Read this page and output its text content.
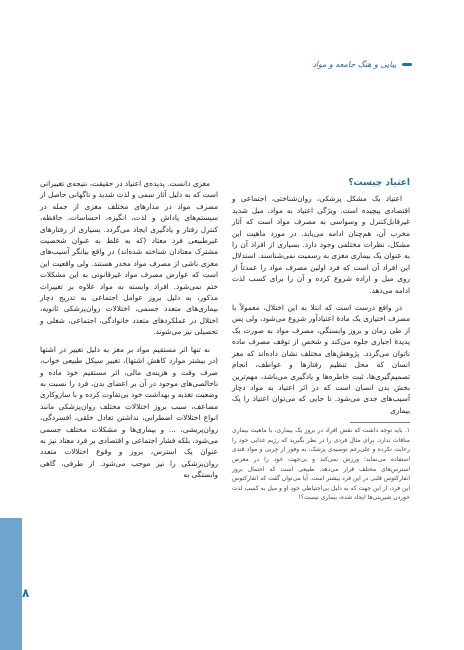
پیاپی و هنگ جامعه و مواد
اعتیاد چیست؟

اعتیاد یک مشکل پزشکی، روان‌شناختی، اجتماعی و اقتصادی پیچیده است. ویژگی اعتیاد به مواد، میل شدید غیرقابل‌کنترل و وسواسی به مصرف مواد است که آثار مخرب آن، هم‌چنان ادامه می‌یابد. در مورد ماهیت این مشکل، نظرات مختلفی وجود دارد. بسیاری از افراد آن را به عنوان یک بیماری مغزی به رسمیت نمی‌شناسند. استدلال این افراد آن است که فرد اولین مصرف مواد را عمدتاً از روی میل و اراده شروع کرده و آن را برای کسب لذت ادامه می‌دهد.

در واقع درست است که ابتلا به این اختلال، معمولاً با مصرف اختیاری یک مادهٔ اعتیادآور شروع می‌شود، ولی پس از طی زمان و بروز وابستگی، مصرف مواد به صورت یک پدیدهٔ اجباری جلوه می‌کند و شخص از توقف مصرف ماده ناتوان می‌گردد. پژوهش‌های مختلف نشان داده‌اند که مغز انسان که محل تنظیم رفتارها و عواطف، انجام تصمیم‌گیری‌ها، ثبت خاطره‌ها و یادگیری می‌باشد، مهم‌ترین بخش بدن انسان است که در اثر اعتیاد به مواد دچار آسیب‌های جدی می‌شود. تا جایی که می‌توان اعتیاد را یک بیماری

۱. باید توجه داشت که نقش افراد در بروز یک بیماری، با ماهیت بیماری منافات ندارد. برای مثال فردی را در نظر بگیرید که رژیم غذایی خود را رعایت نکرده و علی‌رغم توصیه‌ی پزشک، به وفور از چربی و مواد قندی استفاده می‌نماید؛ ورزش نمی‌کند و بی‌جهت خود را در معرض استرس‌های مختلف قرار می‌دهد. طبیعی است که احتمال بروز انفارکتوس قلبی در این فرد بیشتر است. آیا می‌توان گفت که انفارکتوس این فرد، از این جهت که به دلیل بی‌احتیاطی خود او و میل به کسب لذت خوردن شیرینی‌ها ایجاد شده، بیماری نیست؟!

مغزی دانست. پدیده‌ی اعتیاد در حقیقت، نتیجه‌ی تغییراتی است که به دلیل آثار سمی و لذت شدید و ناگهانی حاصل از مصرف مواد در مدارهای مختلف مغزی از جمله در سیستم‌های پاداش و لذت، انگیزه، احساسات، حافظه، کنترل رفتار و یادگیری ایجاد می‌گردد. بسیاری از رفتارهای غیرطبیعی فرد معتاد (که به غلط به عنوان شخصیت مشترک معتادان شناخته شده‌اند) در واقع بیانگر آسیب‌های مغزی ناشی از مصرف مواد مخدر هستند. ولی واقعیت این است که عوارض مصرف مواد غیرقانونی به این مشکلات ختم نمی‌شود. افراد وابسته به مواد علاوه بر تغییرات مذکور، به دلیل بروز عوامل اجتماعی به تدریج دچار بیماری‌های متعدد جسمی، اختلالات روان‌پزشکی ثانویه، اختلال در عملکردهای متعدد خانوادگی، اجتماعی، شغلی و تحصیلی نیز می‌شوند.

نه تنها اثر مستقیم مواد بر مغز به دلیل تغییر در اشتها (در بیشتر موارد کاهش اشتها)، تغییر سیکل طبیعی خواب، صرف وقت و هزینه‌ی مالی، اثر مستقیم خود ماده و ناخالصی‌های موجود در آن بر اعضای بدن، فرد را نسبت به وضعیت تغذیه و بهداشت خود بی‌تفاوت کرده و با سازوکاری مضاعف، سبب بروز اختلالات مختلف روان‌پزشکی مانند انواع اختلالات اضطرابی، نداشتن تعادل خلقی، افسردگی، روان‌پریشی، ... و بیماری‌ها و مشکلات مختلف جسمی می‌شود، بلکه فشار اجتماعی و اقتصادی بر فرد معتاد نیز به عنوان یک استرس، بروز و وقوع اختلالات متعدد روان‌پزشکی را نیز موجب می‌شود. از طرفی، گاهی وابستگی به

۸
